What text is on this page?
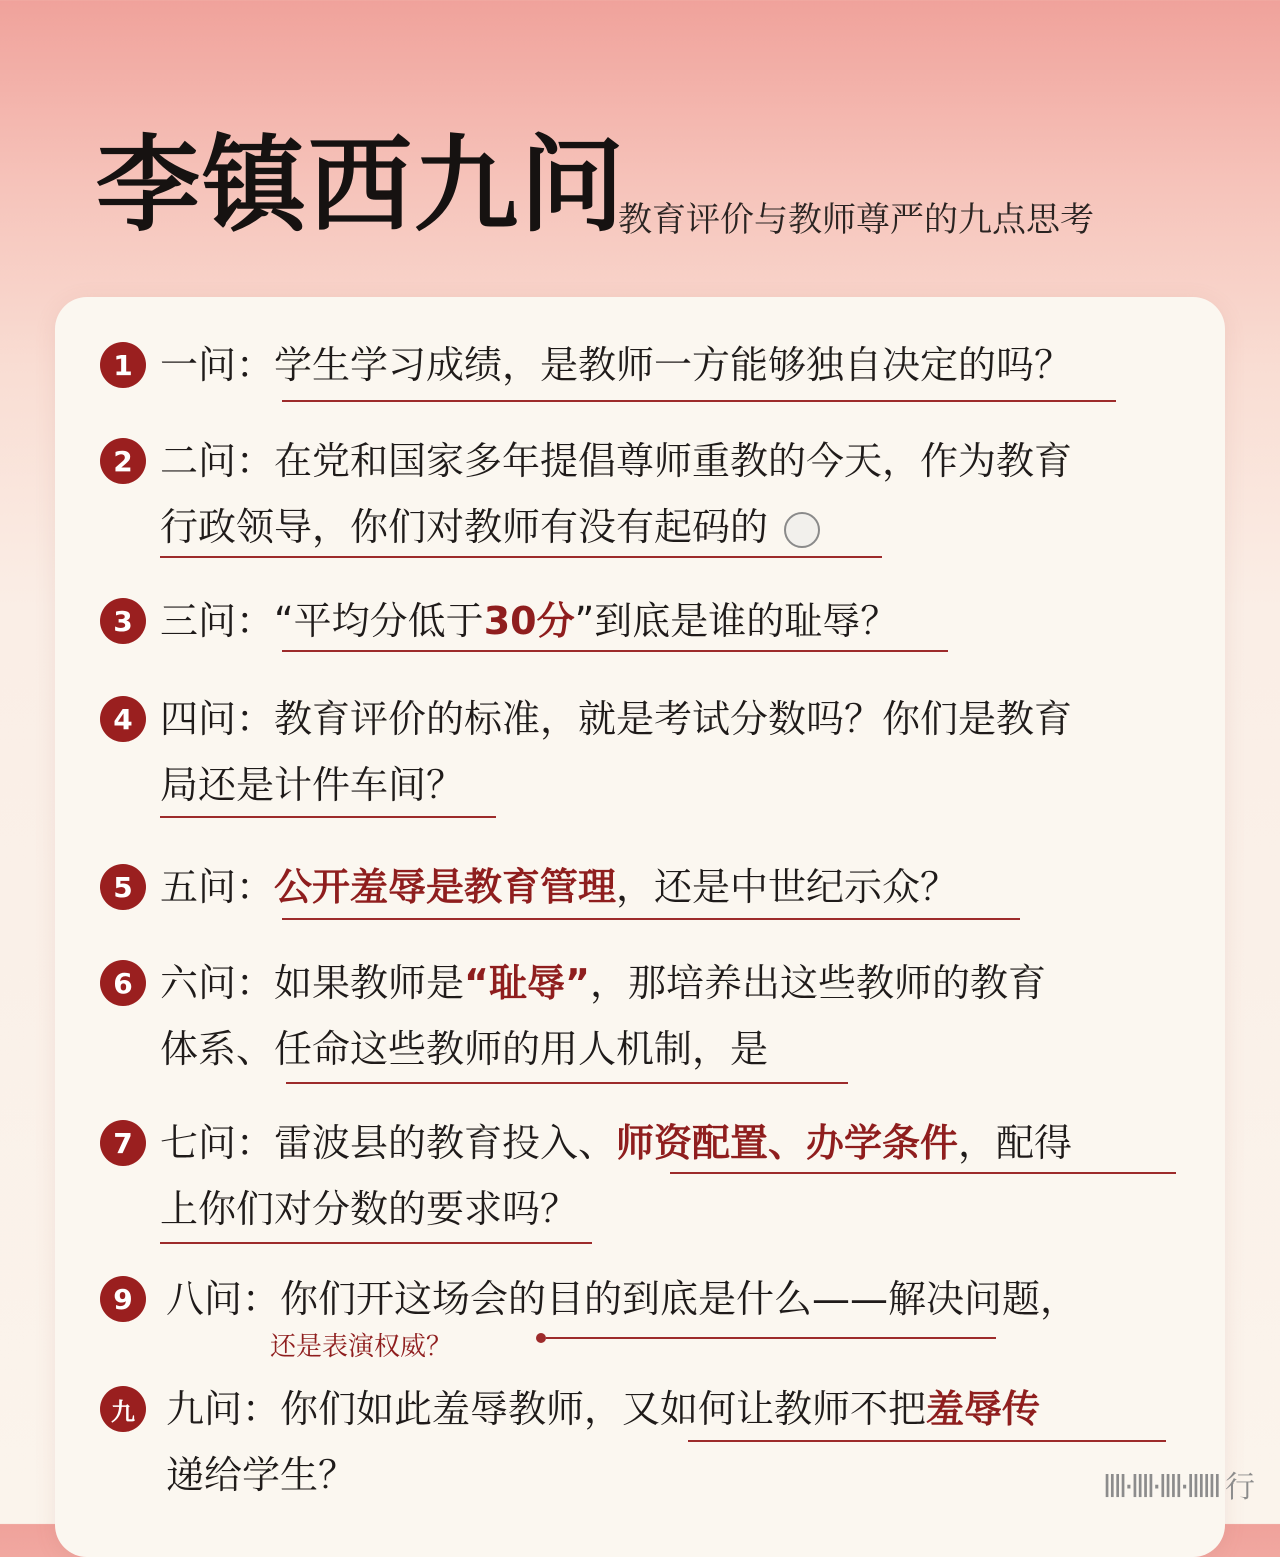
李镇西九问
教育评价与教师尊严的九点思考
1 一问：学生学习成绩，是教师一方能够独自决定的吗？
2 二问：在党和国家多年提倡尊师重教的今天，作为教育
行政领导，你们对教师有没有起码的
3 三问：“平均分低于30分”到底是谁的耻辱？
4 四问：教育评价的标准，就是考试分数吗？你们是教育
局还是计件车间？
5 五问：公开羞辱是教育管理，还是中世纪示众？
6 六问：如果教师是“耻辱”，那培养出这些教师的教育
体系、任命这些教师的用人机制，是
7 七问：雷波县的教育投入、师资配置、办学条件，配得
上你们对分数的要求吗？
9 八问：你们开这场会的目的到底是什么——解决问题，
还是表演权威？
九 九问：你们如此羞辱教师，又如何让教师不把羞辱传
递给学生？	llll·llll·llll·llllll 行
